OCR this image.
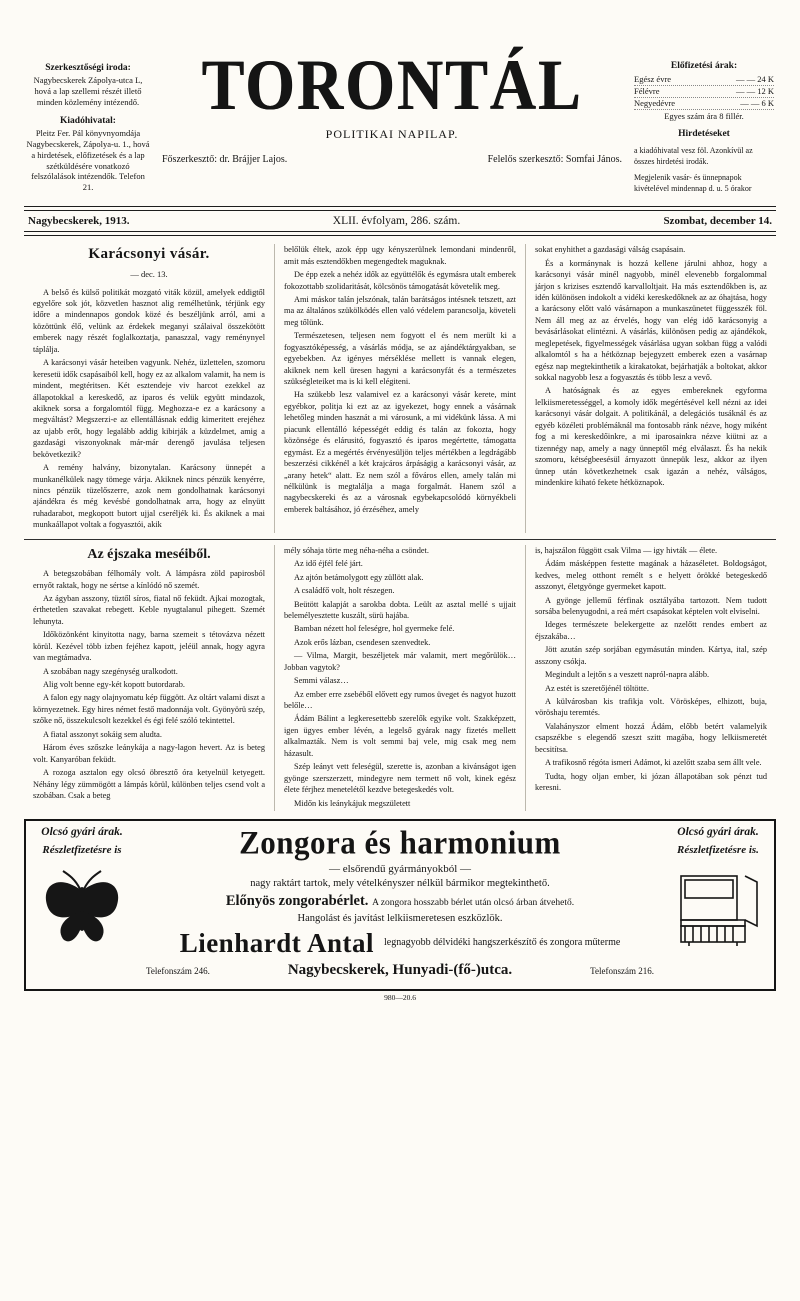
Szerkesztőségi iroda:
Nagybecskerek Zápolya-utca L, hová a lap szellemi részét illető minden közlemény intézendő.
Kiadóhivatal:
Pleitz Fer. Pál könyvnyomdája Nagybecskerek, Zápolya-u. 1., hová a hirdetések, előfizetések és a lap szétküldésére vonatkozó felszólalások intézendők. Telefon 21.
TORONTÁL
POLITIKAI NAPILAP.
Főszerkesztő: dr. Brájjer Lajos.	Felelős szerkesztő: Somfai János.
Előfizetési árak:
Egész évre	— — 24 K
Félévre	— — 12 K
Negyedévre	— — 6 K
Egyes szám ára 8 fillér.
Hirdetéseket
a kiadóhivatal vesz föl. Azonkívül az összes hirdetési irodák.
Megjelenik vasár- és ünnepnapok kivételével mindennap d. u. 5 órakor
Nagybecskerek, 1913.	XLII. évfolyam, 286. szám.	Szombat, december 14.
Karácsonyi vásár.
— dec. 13.

A belső és külső politikát mozgató viták közül, amelyek eddigtől egyelőre sok jót, közvetlen hasznot alig remélhetünk, térjünk egy időre a mindennapos gondok közé és beszéljünk arról, ami a közöttünk élő, velünk az érdekek meganyi szálaival összekötött emberek nagy részét foglalkoztatja, panaszzal, vagy reménynyel táplálja.

A karácsonyi vásár heteiben vagyunk. Nehéz, üzlettelen, szomoru keresetü idők csapásaiból kell, hogy ez az alkalom valamit, ha nem is mindent, megtéritsen. Két esztendeje viv harcot ezekkel az állapotokkal a kereskedő, az iparos és velük együtt mindazok, akiknek sorsa a forgalomtól függ. Meghozza-e ez a karácsony a megváltást? Megszerzi-e az ellentállásnak eddig kimeritett erejéhez az ujabb erőt, hogy legalább addig kibirják a küzdelmet, amig a gazdasági viszonyoknak már-már derengő javulása teljesen bekövetkezik?

A remény halvány, bizonytalan. Karácsony ünnepét a munkanélkülek nagy tömege várja. Akiknek nincs pénzük kenyérre, nincs pénzük tüzelőszerre, azok nem gondolhatnak karácsonyi ajándékra és még kevésbé gondolhatnak arra, hogy az elnyütt ruhadarabot, megkopott butort ujjal cseréljék ki. És akiknek a mai munkaállapot voltak a fogyasztói, akik

belőlük éltek, azok épp ugy kényszerülnek lemondani mindenről, amit más esztendőkben megengedtek maguknak.

De épp ezek a nehéz idők az együttélők és egymásra utalt emberek fokozottabb szolidaritását, kölcsönös támogatását követelik meg.

Ami máskor talán jelszónak, talán barátságos intésnek tetszett, azt ma az általános szükölködés ellen való védelem parancsolja, követeli meg tőlünk.

Természetesen, teljesen nem fogyott el és nem merült ki a fogyasztóképesség, a vásárlás módja, se az ajándéktárgyakban, se egyebekben. Az igényes mérséklése mellett is vannak elegen, akiknek nem kell üresen hagyni a karácsonyfát és a természetes szükségleteiket ma is ki kell elégiteni.

Ha szükebb lesz valamivel ez a karácsonyi vásár kerete, mint egyébkor, politja ki ezt az az igyekezet, hogy ennek a vásárnak lehetőleg minden hasznát a mi városunk, a mi vidékünk lássa. A mi piacunk ellentálló képességét eddig és talán az fokozta, hogy közönsége és elárusitó, fogyasztó és iparos megértette, támogatta egymást. Ez a megértés érvényesüljön teljes mértékben a legdrágább beszerzési cikkénél a két krajcáros árpáságig a karácsonyi vásár, az „arany hetek“ alatt. Ez nem szól a főváros ellen, amely talán mi nélkülünk is megtalálja a maga forgalmát. Hanem szól a nagybecskereki és az a városnak egybekapcsolódó környékbeli emberek baltásához, jó érzéséhez, amely

sokat enyhithet a gazdasági válság csapásain.

És a kormánynak is hozzá kellene járulni ahhoz, hogy a karácsonyi vásár minél nagyobb, minél elevenebb forgalommal járjon s krizises esztendő karvalloltjait. Ha más esztendőkben is, az idén különösen indokolt a vidéki kereskedőknek az az óhajtása, hogy a karácsony előtt való vásárnapon a munkaszünetet függesszék föl. Nem áll meg az az érvelés, hogy van elég idő karácsonyig a bevásárlásokat elintézni. A vásárlás, különösen pedig az ajándékok, meglepetések, figyelmességek vásárlása ugyan sokban függ a valódi alkalomtól s ha a hétköznap bejegyzett emberek ezen a vasárnap egész nap megtekinthetik a kirakatokat, bejárhatják a boltokat, akkor sokkal nagyobb lesz a fogyasztás és több lesz a vevő.

A hatóságnak és az egyes embereknek egyforma lelkiismeretességgel, a komoly idők megértésével kell nézni az idei karácsonyi vásár dolgait. A politikánál, a delegációs tusáknál és az egyéb közéleti problémáknál ma fontosabb ránk nézve, hogy miként fog a mi kereskedőinkre, a mi iparosainkra nézve kiütni az a tizennégy nap, amely a nagy ünneptől még elválaszt. És ha nekik szomoru, kétségbeesésül árnyazott ünnepük lesz, akkor az ilyen ünnep után következhetnek csak igazán a nehéz, válságos, mindenkire kiható fekete hétköznapok.

Az éjszaka meséiből.

A betegszobában félhomály volt. A lámpásra zöld papirosból ernyőt raktak, hogy ne sértse a kínlódó nő szemét.

Az ágyban asszony, tüztől síros, fiatal nő feküdt. Ajkai mozogtak, érthetetlen szavakat rebegett. Keble nyugtalanul pihegett. Szemét lehunyta.

Időközönként kinyitotta nagy, barna szemeit s tétovázva nézett körül. Kezével több izben fejéhez kapott, jeléül annak, hogy agyra van megtámadva.

A szobában nagy szegénység uralkodott.

Alig volt benne egy-két kopott butordarab.

A falon egy nagy olajnyomatu kép függött. Az oltárt valami diszt a környezetnek. Egy hires német festő madonnája volt. Gyönyörü szép, szőke nő, összekulcsolt kezekkel és égi felé szóló tekintettel.

A fiatal asszonyt sokáig sem aludta.

Három éves szőszke leánykája a nagy-lagon hevert. Az is beteg volt. Kanyaróban feküdt.

A rozoga asztalon egy olcsó öbresztő óra ketyelnül ketyegett. Néhány légy zümmögött a lámpás körül, különben teljes csend volt a szobában. Csak a beteg

mély sóhaja törte meg néha-néha a csöndet.

Az idő éjfél felé járt.

Az ajtón betámolygott egy züllött alak.

A családfő volt, holt részegen.

Beütött kalapját a sarokba dobta. Leült az asztal mellé s ujjait belemélyesztette kuszált, sürü hajába.

Bamban nézett hol feleségre, hol gyermeke felé.

Azok erős lázban, csendesen szenvedtek.

— Vilma, Margit, beszéljetek már valamit, mert megőrülök… Jobban vagytok?

Semmi válasz…

Az ember erre zsebéből elővett egy rumos üveget és nagyot huzott belőle…

Ádám Bálint a legkeresettebb szerelők egyike volt. Szakképzett, igen ügyes ember lévén, a legelső gyárak nagy fizetés mellett alkalmazták. Nem is volt semmi baj vele, mig csak meg nem házasult.

Szép leányt vett feleségül, szerette is, azonban a kivánságot igen gyönge szerszerzett, mindegyre nem termett nő volt, kinek egész élete férjhez menetelétől kezdve betegeskedés volt.

Midőn kis leánykájuk megszületett

is, hajszálon függött csak Vilma — igy hivták — élete.

Ádám másképpen festette magának a házaséletet. Boldogságot, kedves, meleg otthont remélt s e helyett örökké betegeskedő asszonyt, életgyönge gyermeket kapott.

A gyönge jellemű férfinak osztályába tartozott. Nem tudott sorsába belenyugodni, a reá mért csapásokat képtelen volt elviselni.

Ideges természete belekergette az nzelőtt rendes embert az éjszakába…

Jött azután szép sorjában egymásután minden. Kártya, ital, szép asszony csókja.

Megindult a lejtőn s a veszett napról-napra alább.

Az estét is szeretőjénél töltötte.

A külvárosban kis trafikja volt. Vörösképes, elhizott, buja, vöröshaju teremtés.

Valahányszor elment hozzá Ádám, előbb betért valamelyik csapszékbe s elegendő szeszt szitt magába, hogy lelkiismeretét becsitítsa.

A trafikosnő régóta ismeri Adámot, ki azelőtt szaba sem állt vele.

Tudta, hogy oljan ember, ki józan állapotában sok pénzt tud keresni.

Olcsó gyári árak.
Részletfizetésre is	Zongora és harmonium
— elsőrendű gyármányokból —
nagy raktárt tartok, mely vételkényszer nélkül bármikor megtekinthető.
Előnyös zongorabérlet. A zongora hosszabb bérlet után olcsó árban átvehető.
Hangolást és javítást lelkiismeretesen eszközlök.
Lienhardt Antal legnagyobb délvidéki hangszerkészítő és zongora műterme
Telefonszám 246.	Nagybecskerek, Hunyadi-(fő-)utca.	Telefonszám 216.
Olcsó gyári árak.
Részletfizetésre is.
980—20.6
